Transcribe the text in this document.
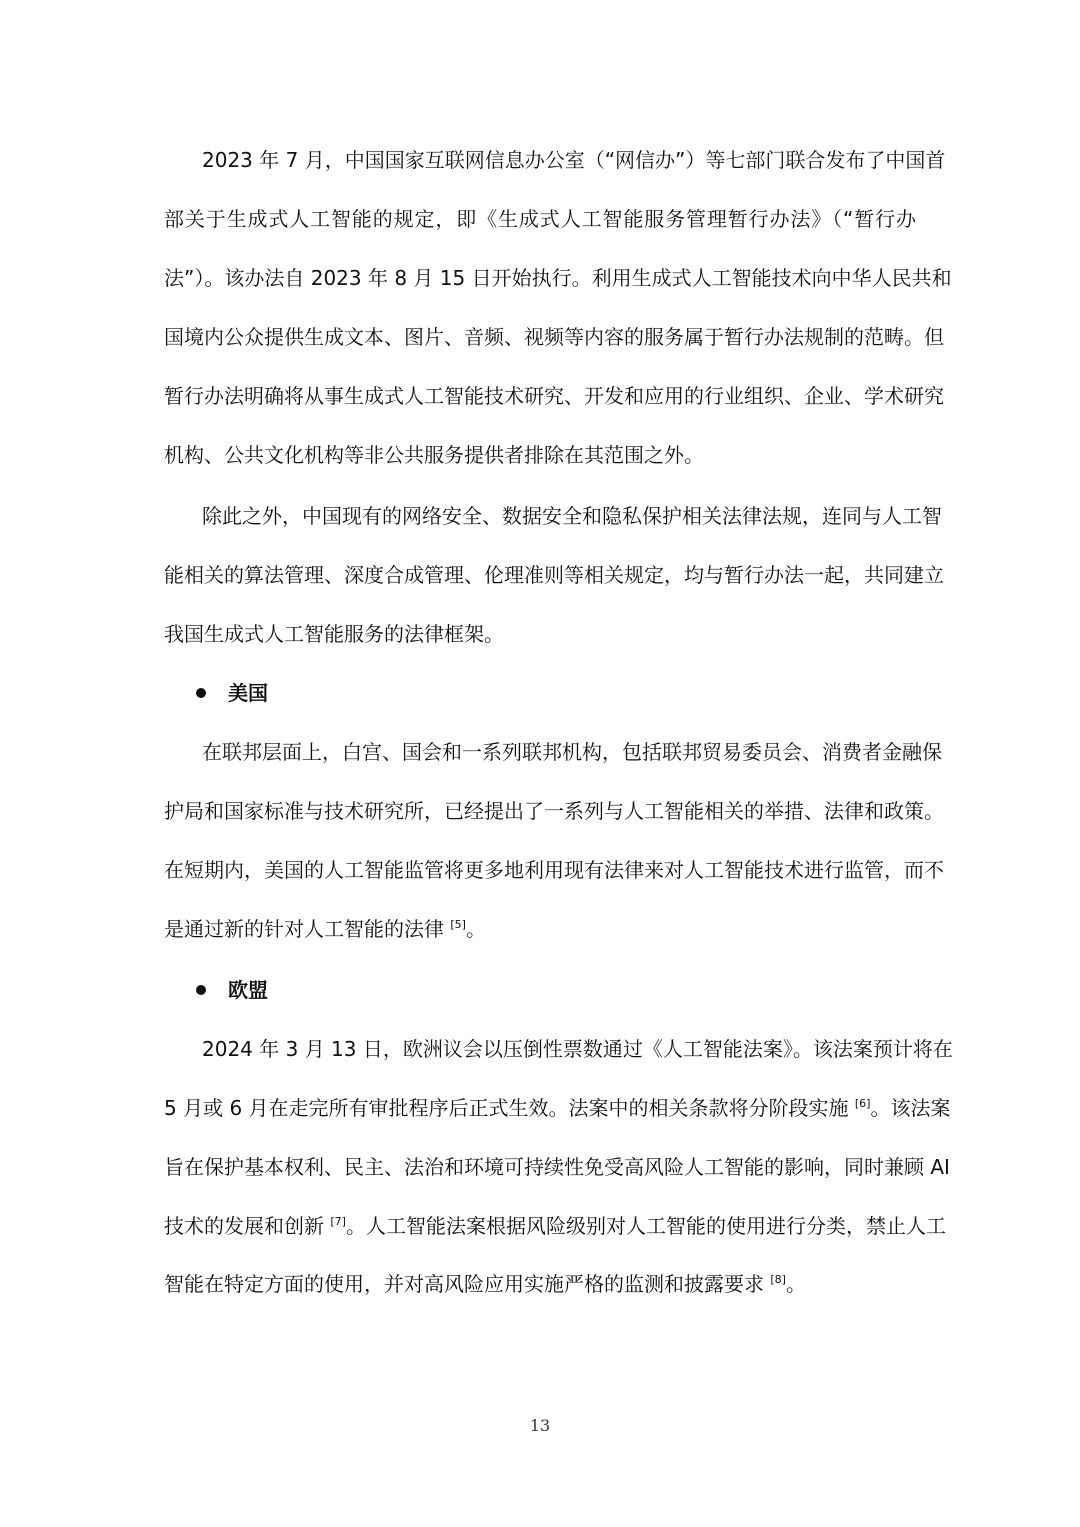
2023 年 7 月，中国国家互联网信息办公室（“网信办”）等七部门联合发布了中国首
部关于生成式人工智能的规定，即《生成式人工智能服务管理暂行办法》（“暂行办
法”）。该办法自 2023 年 8 月 15 日开始执行。利用生成式人工智能技术向中华人民共和
国境内公众提供生成文本、图片、音频、视频等内容的服务属于暂行办法规制的范畴。但
暂行办法明确将从事生成式人工智能技术研究、开发和应用的行业组织、企业、学术研究
机构、公共文化机构等非公共服务提供者排除在其范围之外。
除此之外，中国现有的网络安全、数据安全和隐私保护相关法律法规，连同与人工智
能相关的算法管理、深度合成管理、伦理准则等相关规定，均与暂行办法一起，共同建立
我国生成式人工智能服务的法律框架。
美国
在联邦层面上，白宫、国会和一系列联邦机构，包括联邦贸易委员会、消费者金融保
护局和国家标准与技术研究所，已经提出了一系列与人工智能相关的举措、法律和政策。
在短期内，美国的人工智能监管将更多地利用现有法律来对人工智能技术进行监管，而不
是通过新的针对人工智能的法律 [5]。
欧盟
2024 年 3 月 13 日，欧洲议会以压倒性票数通过《人工智能法案》。该法案预计将在
5 月或 6 月在走完所有审批程序后正式生效。法案中的相关条款将分阶段实施 [6]。该法案
旨在保护基本权利、民主、法治和环境可持续性免受高风险人工智能的影响，同时兼顾 AI
技术的发展和创新 [7]。人工智能法案根据风险级别对人工智能的使用进行分类，禁止人工
智能在特定方面的使用，并对高风险应用实施严格的监测和披露要求 [8]。
13
